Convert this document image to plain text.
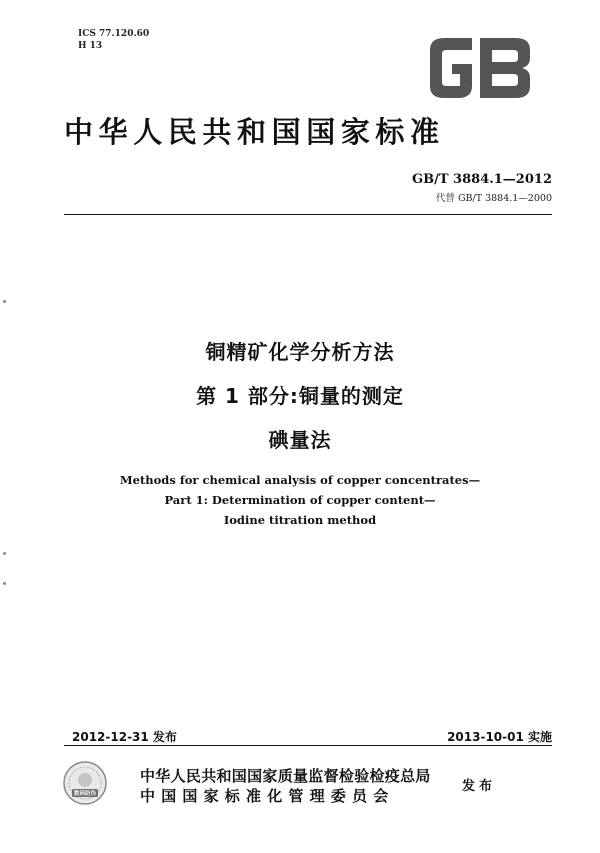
ICS 77.120.60
H 13
中华人民共和国国家标准
GB/T 3884.1—2012
代替 GB/T 3884.1—2000
铜精矿化学分析方法
第 1 部分:铜量的测定
碘量法
Methods for chemical analysis of copper concentrates—
Part 1: Determination of copper content—
Iodine titration method
2012-12-31 发布	2013-10-01 实施
数码防伪
中华人民共和国国家质量监督检验检疫总局
中国国家标准化管理委员会
发布
